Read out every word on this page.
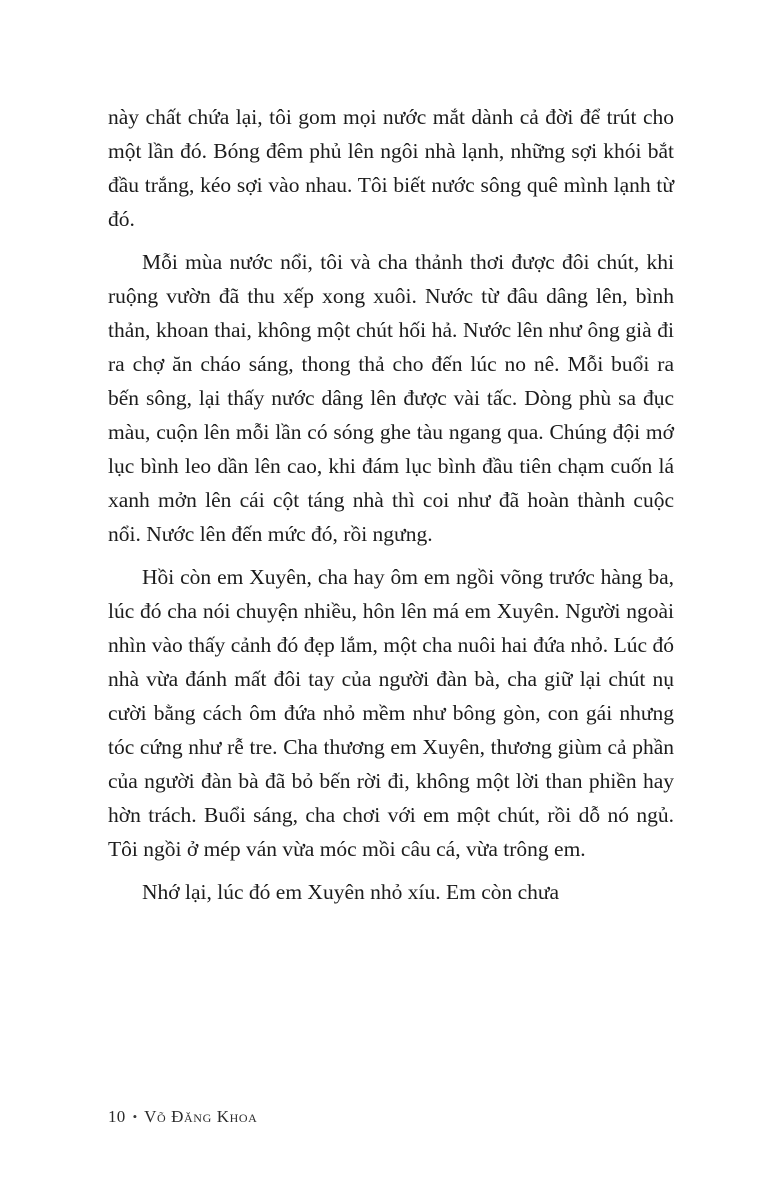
này chất chứa lại, tôi gom mọi nước mắt dành cả đời để trút cho một lần đó. Bóng đêm phủ lên ngôi nhà lạnh, những sợi khói bắt đầu trắng, kéo sợi vào nhau. Tôi biết nước sông quê mình lạnh từ đó.

Mỗi mùa nước nổi, tôi và cha thảnh thơi được đôi chút, khi ruộng vườn đã thu xếp xong xuôi. Nước từ đâu dâng lên, bình thản, khoan thai, không một chút hối hả. Nước lên như ông già đi ra chợ ăn cháo sáng, thong thả cho đến lúc no nê. Mỗi buổi ra bến sông, lại thấy nước dâng lên được vài tấc. Dòng phù sa đục màu, cuộn lên mỗi lần có sóng ghe tàu ngang qua. Chúng đội mớ lục bình leo dần lên cao, khi đám lục bình đầu tiên chạm cuốn lá xanh mởn lên cái cột táng nhà thì coi như đã hoàn thành cuộc nổi. Nước lên đến mức đó, rồi ngưng.

Hồi còn em Xuyên, cha hay ôm em ngồi võng trước hàng ba, lúc đó cha nói chuyện nhiều, hôn lên má em Xuyên. Người ngoài nhìn vào thấy cảnh đó đẹp lắm, một cha nuôi hai đứa nhỏ. Lúc đó nhà vừa đánh mất đôi tay của người đàn bà, cha giữ lại chút nụ cười bằng cách ôm đứa nhỏ mềm như bông gòn, con gái nhưng tóc cứng như rễ tre. Cha thương em Xuyên, thương giùm cả phần của người đàn bà đã bỏ bến rời đi, không một lời than phiền hay hờn trách. Buổi sáng, cha chơi với em một chút, rồi dỗ nó ngủ. Tôi ngồi ở mép ván vừa móc mồi câu cá, vừa trông em.

Nhớ lại, lúc đó em Xuyên nhỏ xíu. Em còn chưa

10 • Võ Đăng Khoa
